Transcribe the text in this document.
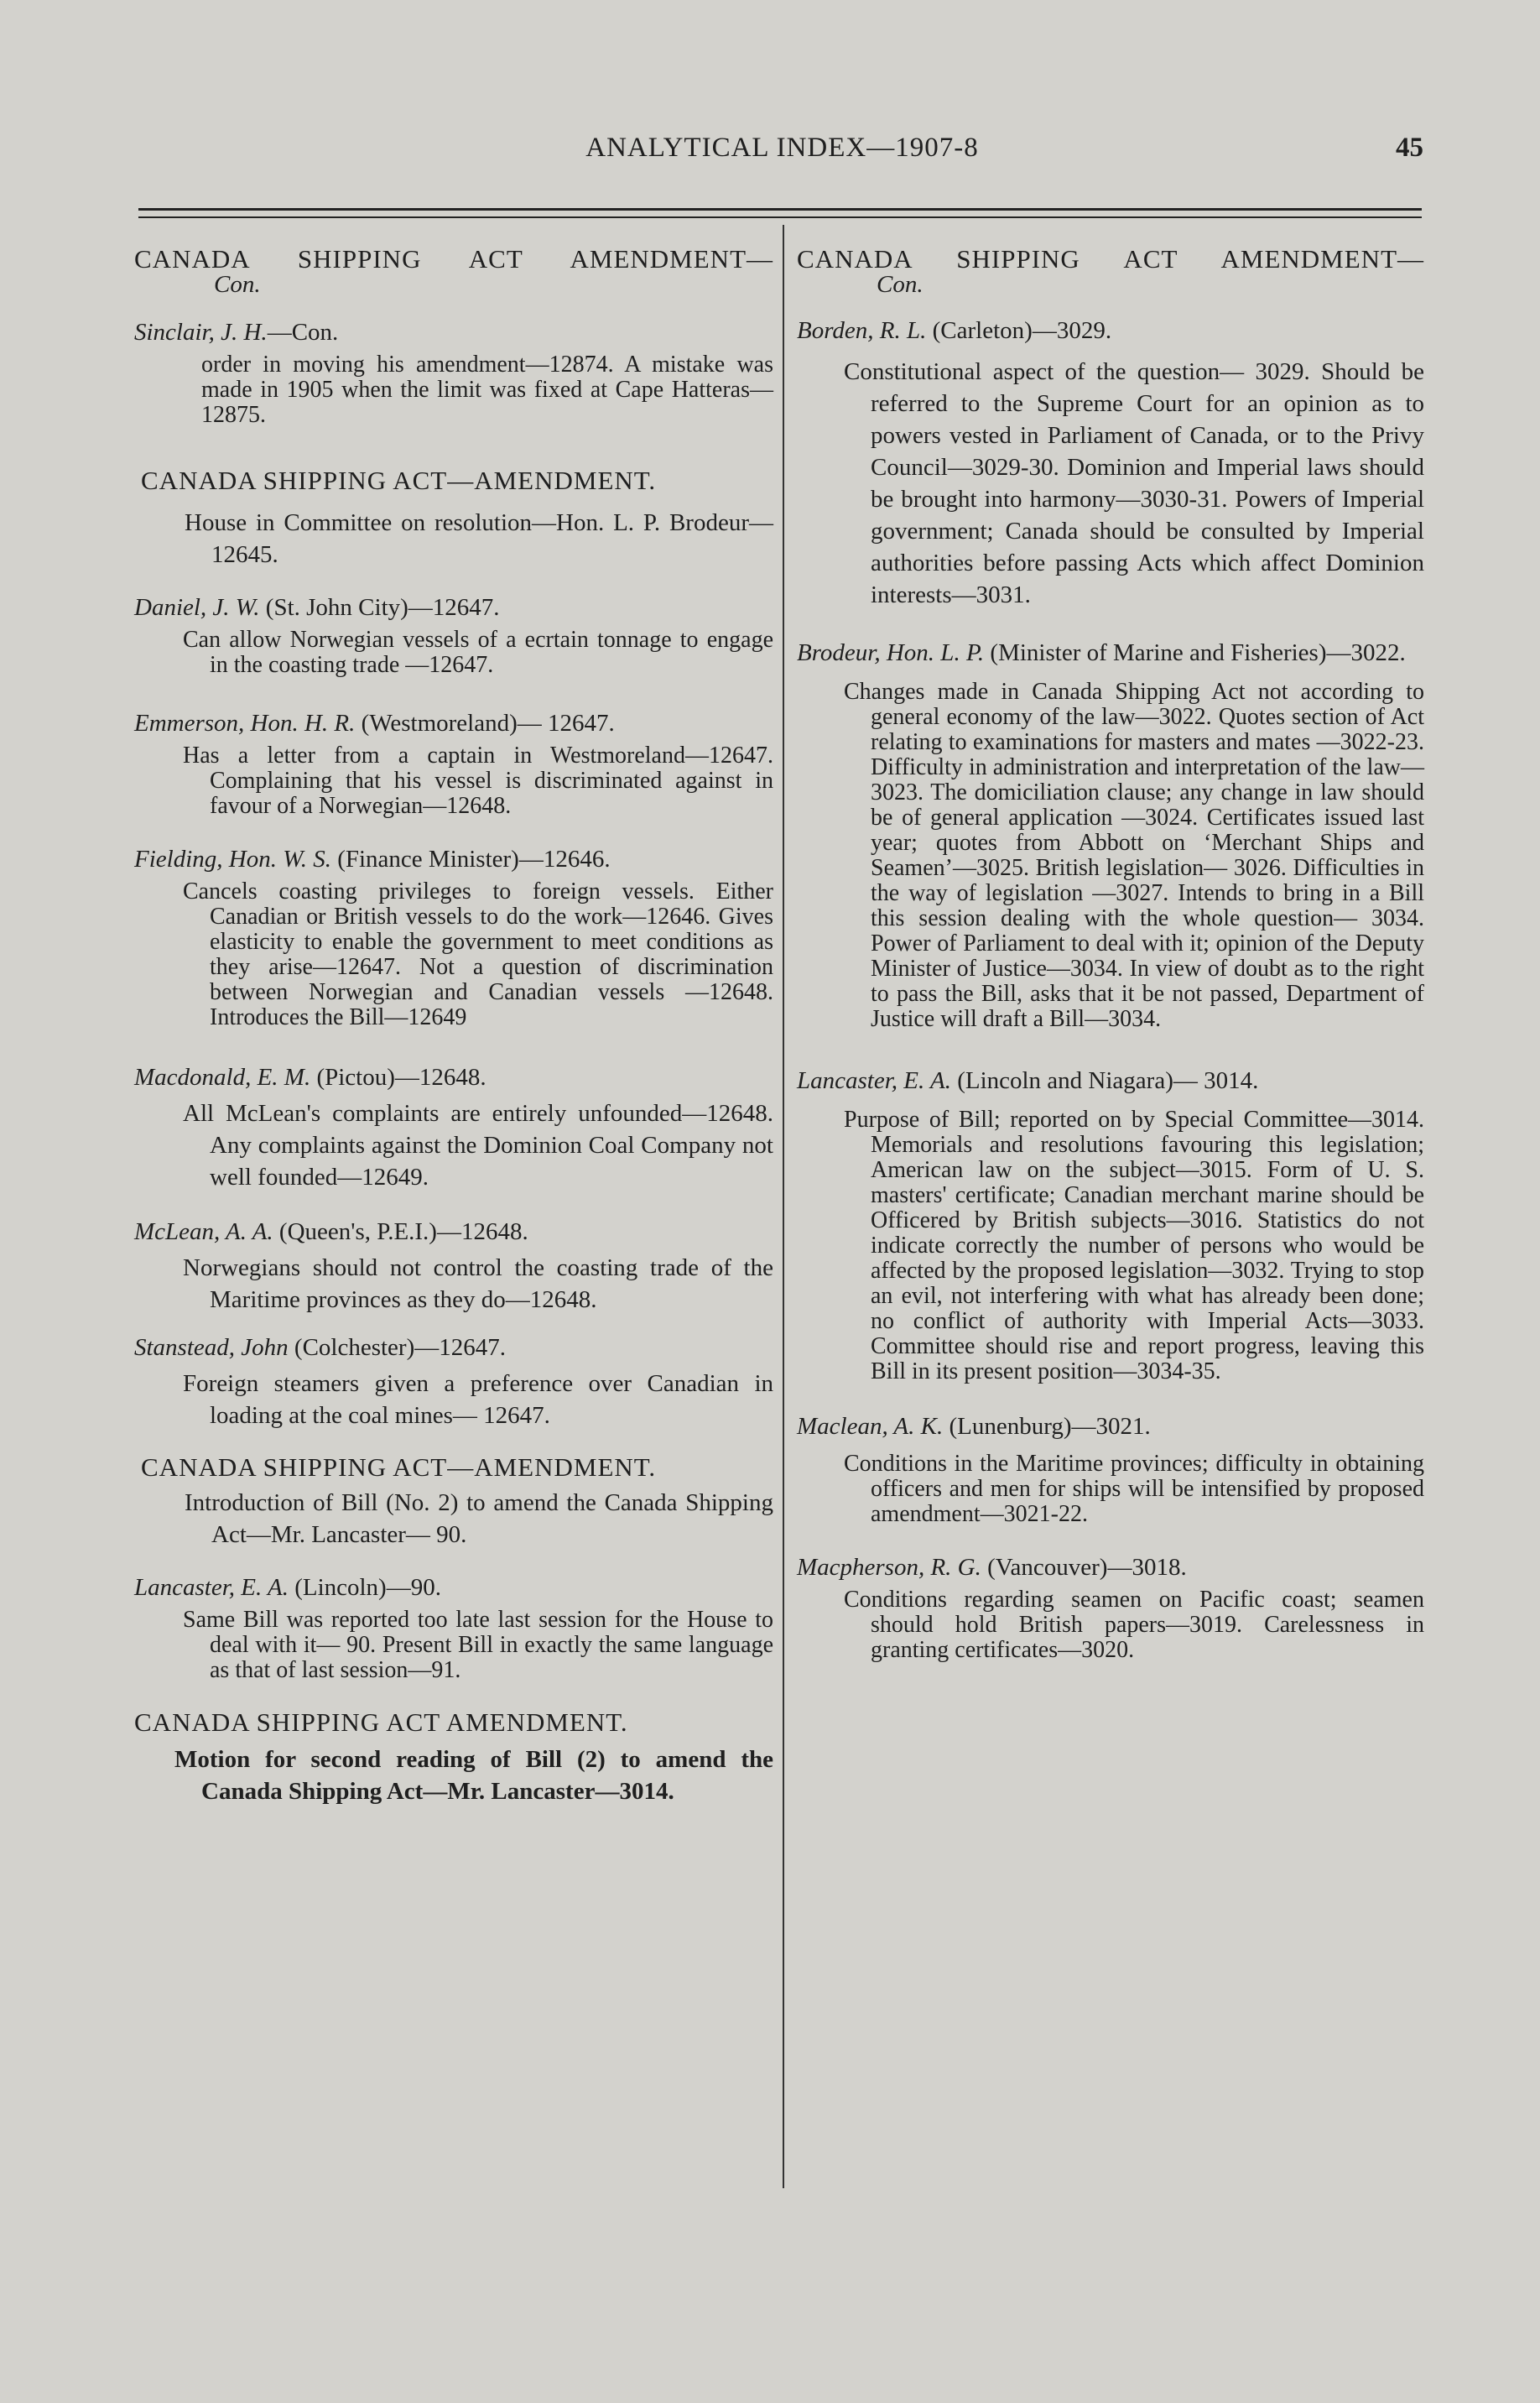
ANALYTICAL INDEX—1907-8	45
CANADA SHIPPING ACT AMENDMENT—
Con.
Sinclair, J. H.—Con.
order in moving his amendment—12874. A mistake was made in 1905 when the limit was fixed at Cape Hatteras—12875.
CANADA SHIPPING ACT—AMENDMENT.
House in Committee on resolution—Hon. L. P. Brodeur—12645.
Daniel, J. W. (St. John City)—12647.
Can allow Norwegian vessels of a ecrtain tonnage to engage in the coasting trade —12647.
Emmerson, Hon. H. R. (Westmoreland)— 12647.
Has a letter from a captain in Westmoreland—12647. Complaining that his vessel is discriminated against in favour of a Norwegian—12648.
Fielding, Hon. W. S. (Finance Minister)—12646.
Cancels coasting privileges to foreign vessels. Either Canadian or British vessels to do the work—12646. Gives elasticity to enable the government to meet conditions as they arise—12647. Not a question of discrimination between Norwegian and Canadian vessels —12648. Introduces the Bill—12649
Macdonald, E. M. (Pictou)—12648.
All McLean's complaints are entirely unfounded—12648. Any complaints against the Dominion Coal Company not well founded—12649.
McLean, A. A. (Queen's, P.E.I.)—12648.
Norwegians should not control the coasting trade of the Maritime provinces as they do—12648.
Stanstead, John (Colchester)—12647.
Foreign steamers given a preference over Canadian in loading at the coal mines— 12647.
CANADA SHIPPING ACT—AMENDMENT.
Introduction of Bill (No. 2) to amend the Canada Shipping Act—Mr. Lancaster— 90.
Lancaster, E. A. (Lincoln)—90.
Same Bill was reported too late last session for the House to deal with it— 90. Present Bill in exactly the same language as that of last session—91.
CANADA SHIPPING ACT AMENDMENT.
Motion for second reading of Bill (2) to amend the Canada Shipping Act—Mr. Lancaster—3014.
CANADA SHIPPING ACT AMENDMENT—
Con.
Borden, R. L. (Carleton)—3029.
Constitutional aspect of the question— 3029. Should be referred to the Supreme Court for an opinion as to powers vested in Parliament of Canada, or to the Privy Council—3029-30. Dominion and Imperial laws should be brought into harmony—3030-31. Powers of Imperial government; Canada should be consulted by Imperial authorities before passing Acts which affect Dominion interests—3031.
Brodeur, Hon. L. P. (Minister of Marine and Fisheries)—3022.
Changes made in Canada Shipping Act not according to general economy of the law—3022. Quotes section of Act relating to examinations for masters and mates —3022-23. Difficulty in administration and interpretation of the law—3023. The domiciliation clause; any change in law should be of general application —3024. Certificates issued last year; quotes from Abbott on ‘Merchant Ships and Seamen’—3025. British legislation— 3026. Difficulties in the way of legislation —3027. Intends to bring in a Bill this session dealing with the whole question— 3034. Power of Parliament to deal with it; opinion of the Deputy Minister of Justice—3034. In view of doubt as to the right to pass the Bill, asks that it be not passed, Department of Justice will draft a Bill—3034.
Lancaster, E. A. (Lincoln and Niagara)— 3014.
Purpose of Bill; reported on by Special Committee—3014. Memorials and resolutions favouring this legislation; American law on the subject—3015. Form of U. S. masters' certificate; Canadian merchant marine should be Officered by British subjects—3016. Statistics do not indicate correctly the number of persons who would be affected by the proposed legislation—3032. Trying to stop an evil, not interfering with what has already been done; no conflict of authority with Imperial Acts—3033. Committee should rise and report progress, leaving this Bill in its present position—3034-35.
Maclean, A. K. (Lunenburg)—3021.
Conditions in the Maritime provinces; difficulty in obtaining officers and men for ships will be intensified by proposed amendment—3021-22.
Macpherson, R. G. (Vancouver)—3018.
Conditions regarding seamen on Pacific coast; seamen should hold British papers—3019. Carelessness in granting certificates—3020.
